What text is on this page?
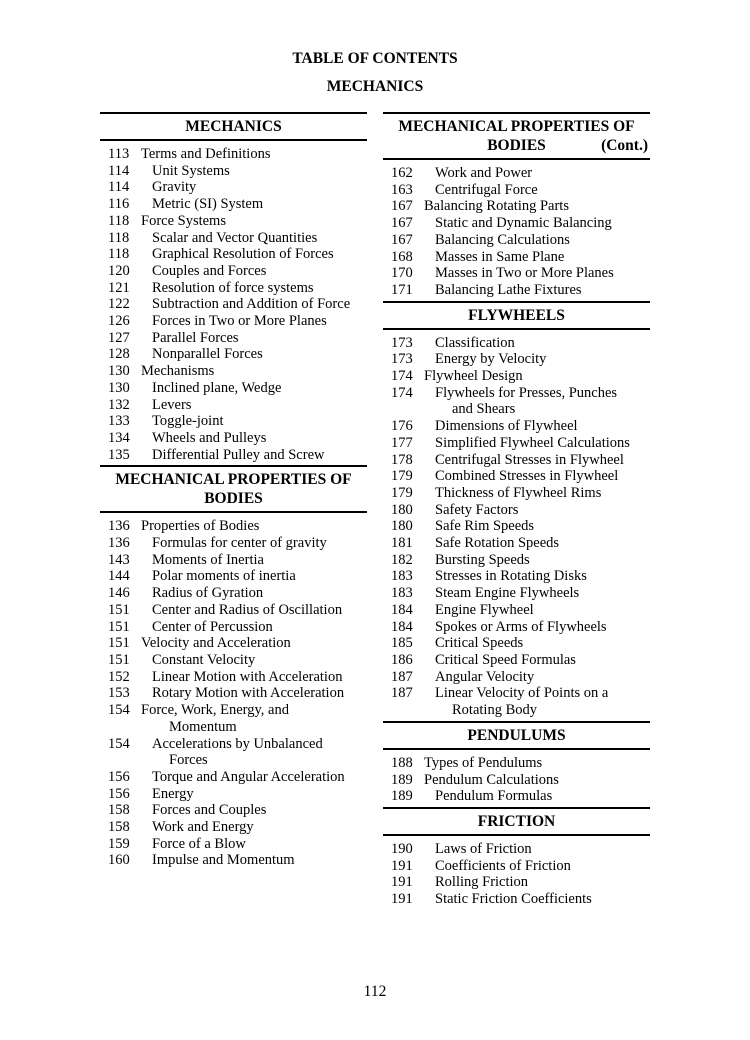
TABLE OF CONTENTS
MECHANICS
MECHANICS
113 Terms and Definitions
114	Unit Systems
114	Gravity
116	Metric (SI) System
118 Force Systems
118	Scalar and Vector Quantities
118	Graphical Resolution of Forces
120	Couples and Forces
121	Resolution of force systems
122	Subtraction and Addition of Force
126	Forces in Two or More Planes
127	Parallel Forces
128	Nonparallel Forces
130 Mechanisms
130	Inclined plane, Wedge
132	Levers
133	Toggle-joint
134	Wheels and Pulleys
135	Differential Pulley and Screw
MECHANICAL PROPERTIES OF
BODIES
136 Properties of Bodies
136	Formulas for center of gravity
143	Moments of Inertia
144	Polar moments of inertia
146	Radius of Gyration
151	Center and Radius of Oscillation
151	Center of Percussion
151 Velocity and Acceleration
151	Constant Velocity
152	Linear Motion with Acceleration
153	Rotary Motion with Acceleration
154 Force, Work, Energy, and
Momentum
154	Accelerations by Unbalanced
Forces
156	Torque and Angular Acceleration
156	Energy
158	Forces and Couples
158	Work and Energy
159	Force of a Blow
160	Impulse and Momentum
MECHANICAL PROPERTIES OF
BODIES	(Cont.)
162	Work and Power
163	Centrifugal Force
167 Balancing Rotating Parts
167	Static and Dynamic Balancing
167	Balancing Calculations
168	Masses in Same Plane
170	Masses in Two or More Planes
171	Balancing Lathe Fixtures
FLYWHEELS
173	Classification
173	Energy by Velocity
174 Flywheel Design
174	Flywheels for Presses, Punches
and Shears
176	Dimensions of Flywheel
177	Simplified Flywheel Calculations
178	Centrifugal Stresses in Flywheel
179	Combined Stresses in Flywheel
179	Thickness of Flywheel Rims
180	Safety Factors
180	Safe Rim Speeds
181	Safe Rotation Speeds
182	Bursting Speeds
183	Stresses in Rotating Disks
183	Steam Engine Flywheels
184	Engine Flywheel
184	Spokes or Arms of Flywheels
185	Critical Speeds
186	Critical Speed Formulas
187	Angular Velocity
187	Linear Velocity of Points on a
Rotating Body
PENDULUMS
188 Types of Pendulums
189 Pendulum Calculations
189	Pendulum Formulas
FRICTION
190	Laws of Friction
191	Coefficients of Friction
191	Rolling Friction
191	Static Friction Coefficients
112
